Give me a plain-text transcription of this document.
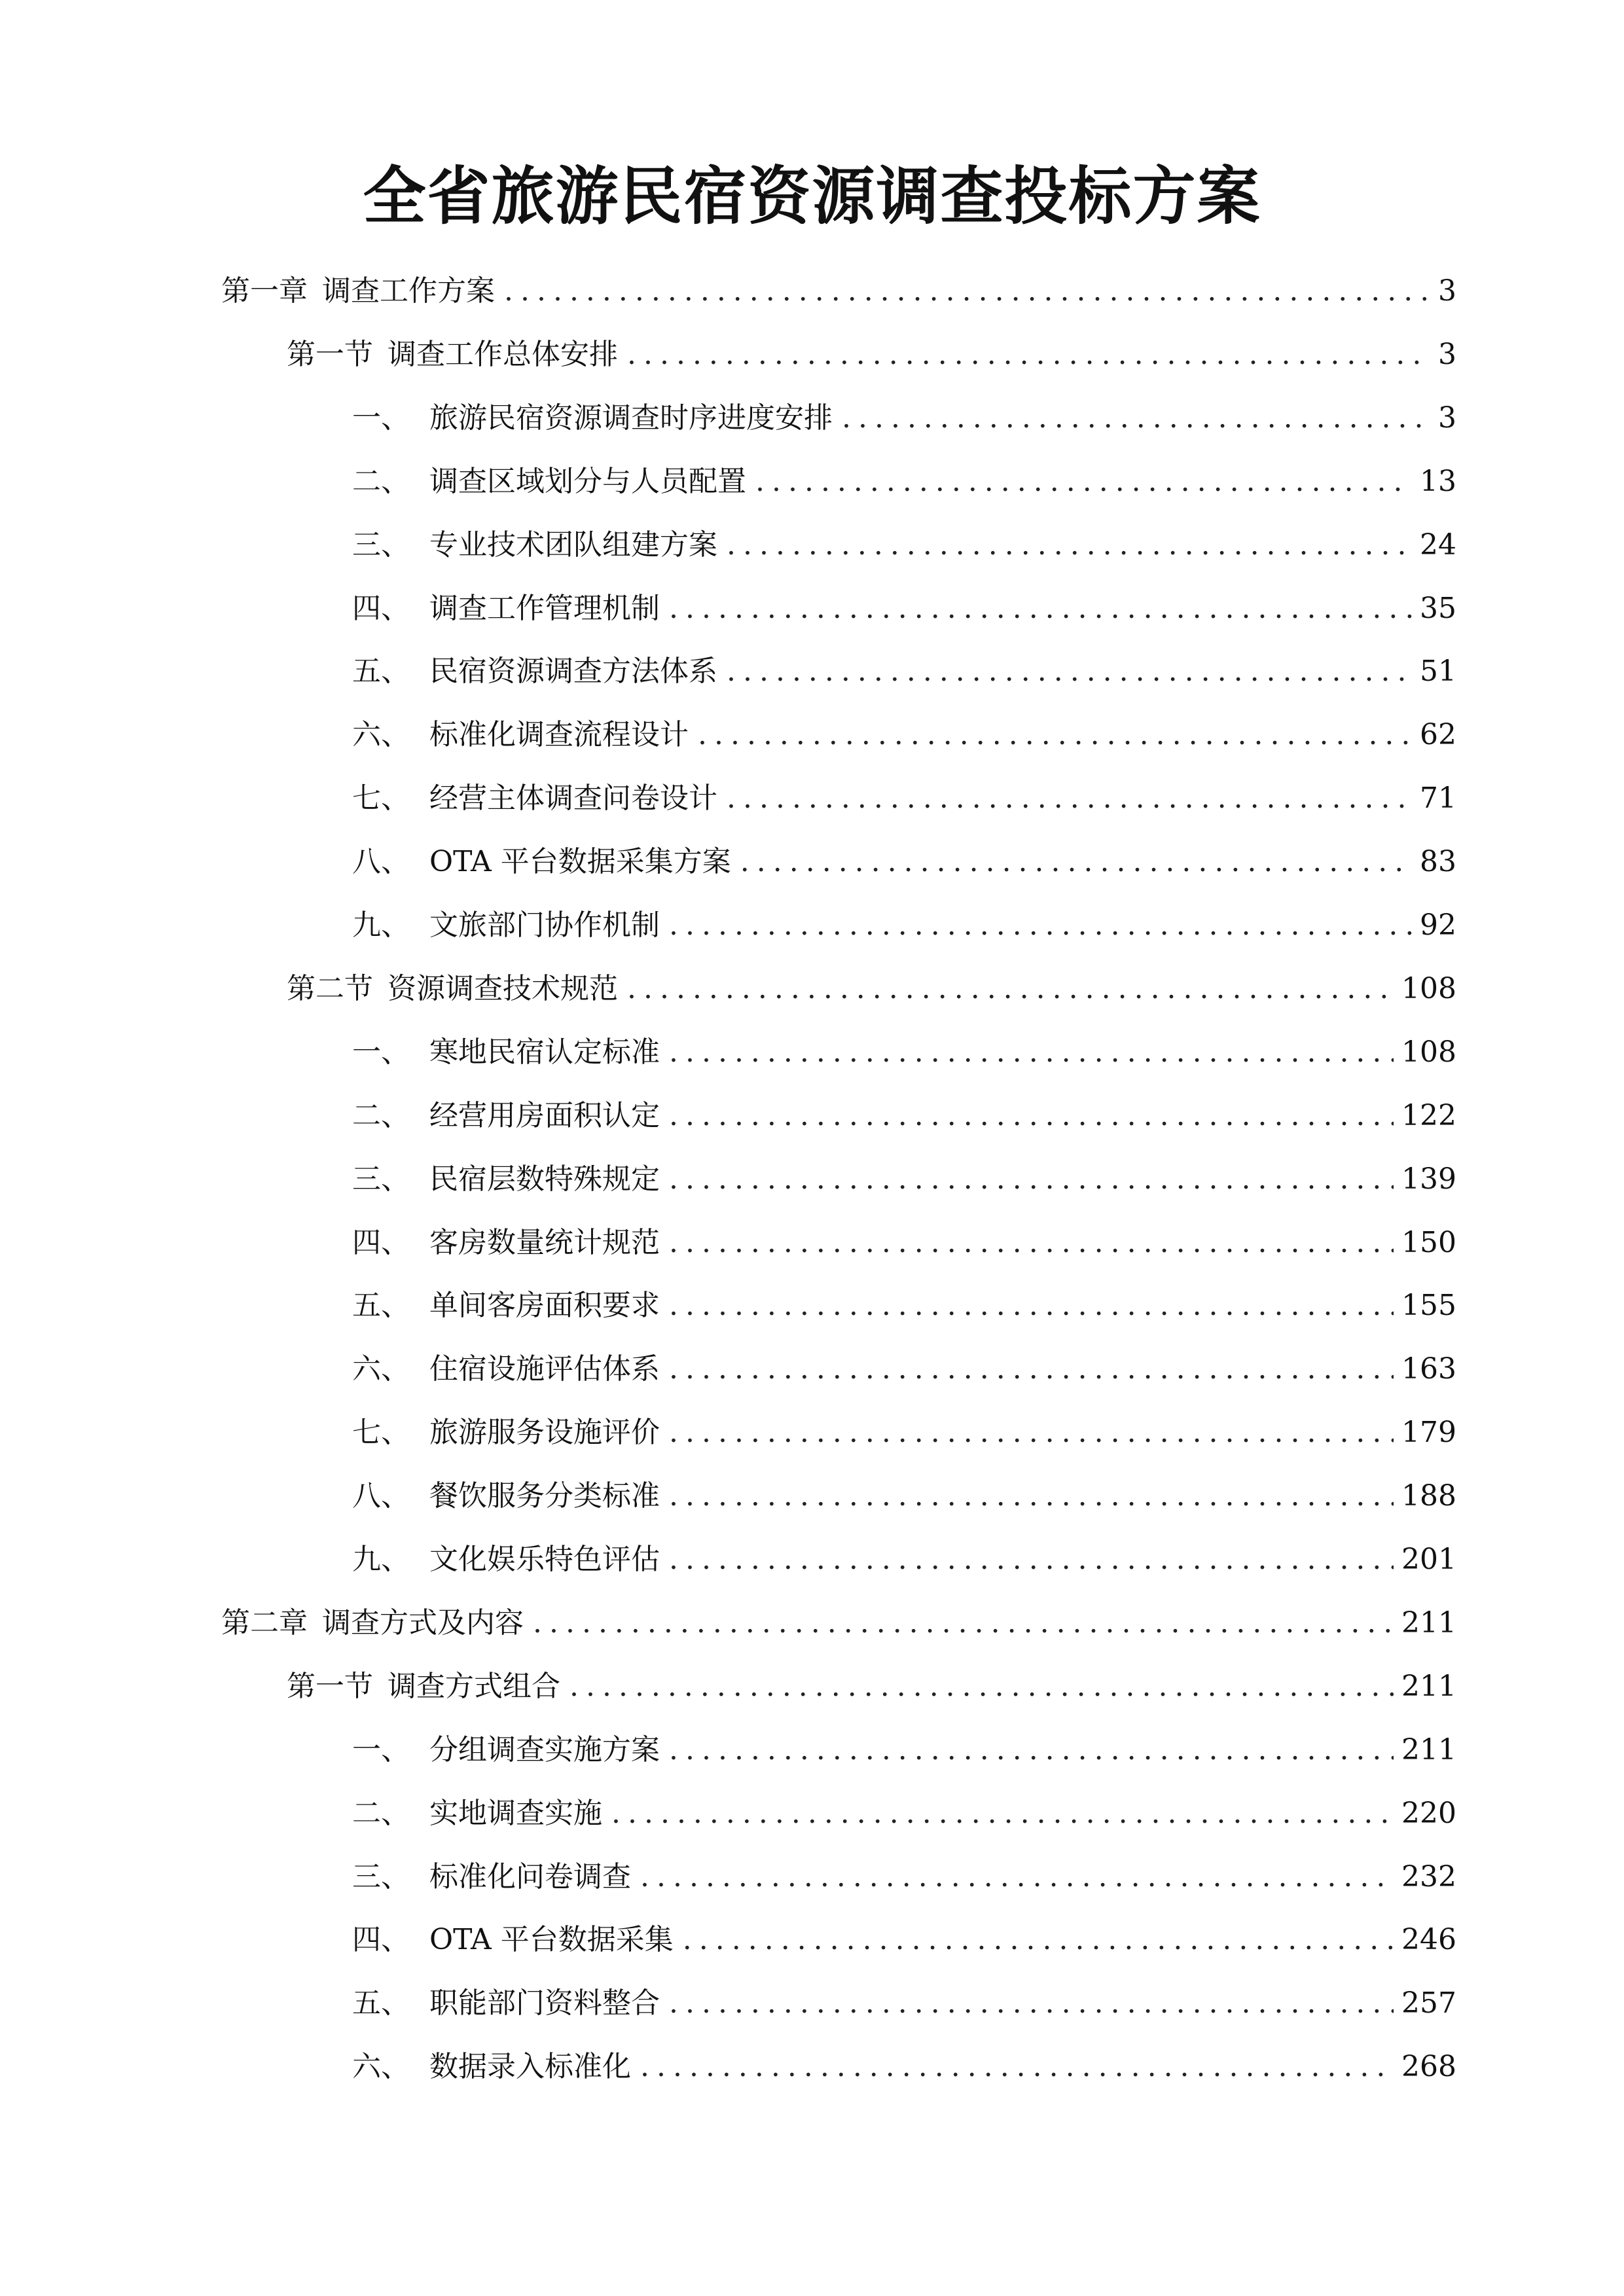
全省旅游民宿资源调查投标方案
第一章 调查工作方案 .....	3
第一节 调查工作总体安排 .....	3
一、 旅游民宿资源调查时序进度安排 .....	3
二、 调查区域划分与人员配置 .....	13
三、 专业技术团队组建方案 .....	24
四、 调查工作管理机制 .....	35
五、 民宿资源调查方法体系 .....	51
六、 标准化调查流程设计 .....	62
七、 经营主体调查问卷设计 .....	71
八、 OTA 平台数据采集方案 .....	83
九、 文旅部门协作机制 .....	92
第二节 资源调查技术规范 .....	108
一、 寒地民宿认定标准 .....	108
二、 经营用房面积认定 .....	122
三、 民宿层数特殊规定 .....	139
四、 客房数量统计规范 .....	150
五、 单间客房面积要求 .....	155
六、 住宿设施评估体系 .....	163
七、 旅游服务设施评价 .....	179
八、 餐饮服务分类标准 .....	188
九、 文化娱乐特色评估 .....	201
第二章 调查方式及内容 .....	211
第一节 调查方式组合 .....	211
一、 分组调查实施方案 .....	211
二、 实地调查实施 .....	220
三、 标准化问卷调查 .....	232
四、 OTA 平台数据采集 .....	246
五、 职能部门资料整合 .....	257
六、 数据录入标准化 .....	268
